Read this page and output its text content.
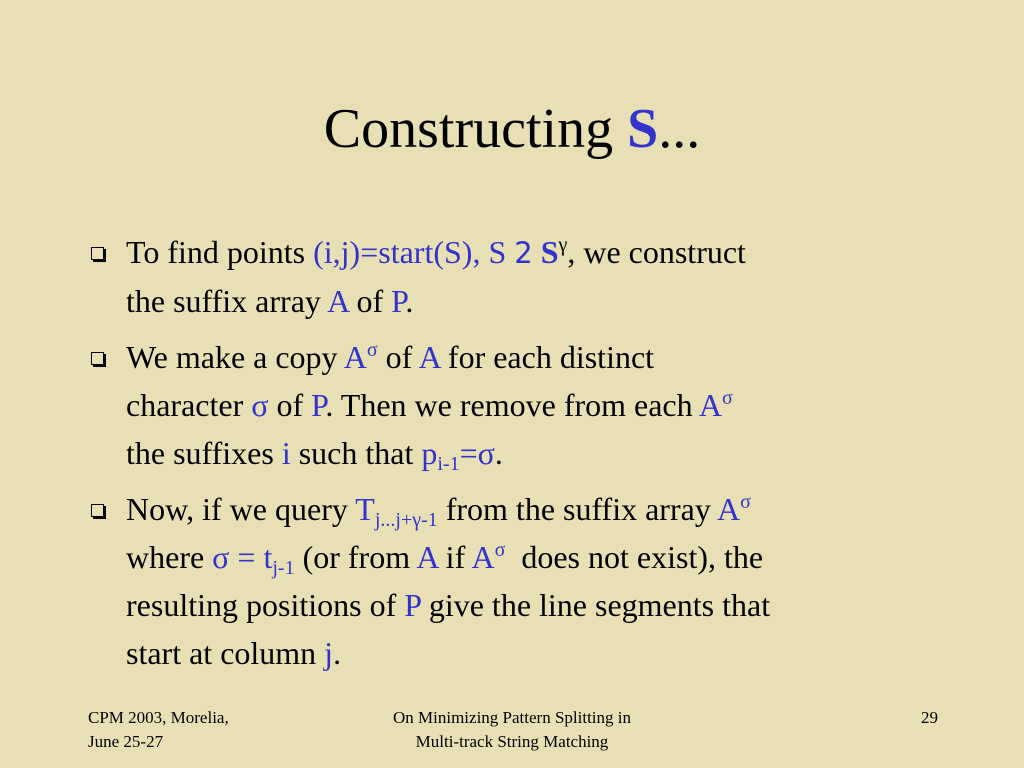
Constructing S...
To find points (i,j)=start(S), S 2 $S^\gamma$, we construct
the suffix array A of P.
We make a copy $A^\sigma$ of A for each distinct
character σ of P. Then we remove from each $A^\sigma$
the suffixes i such that $p_{i-1}=\sigma$.
Now, if we query $T_{j...j+\gamma-1}$ from the suffix array $A^\sigma$
where $\sigma = t_{j-1}$ (or from A if $A^\sigma$  does not exist), the
resulting positions of P give the line segments that
start at column j.
CPM 2003, Morelia,
June 25-27
On Minimizing Pattern Splitting in
Multi-track String Matching
29
